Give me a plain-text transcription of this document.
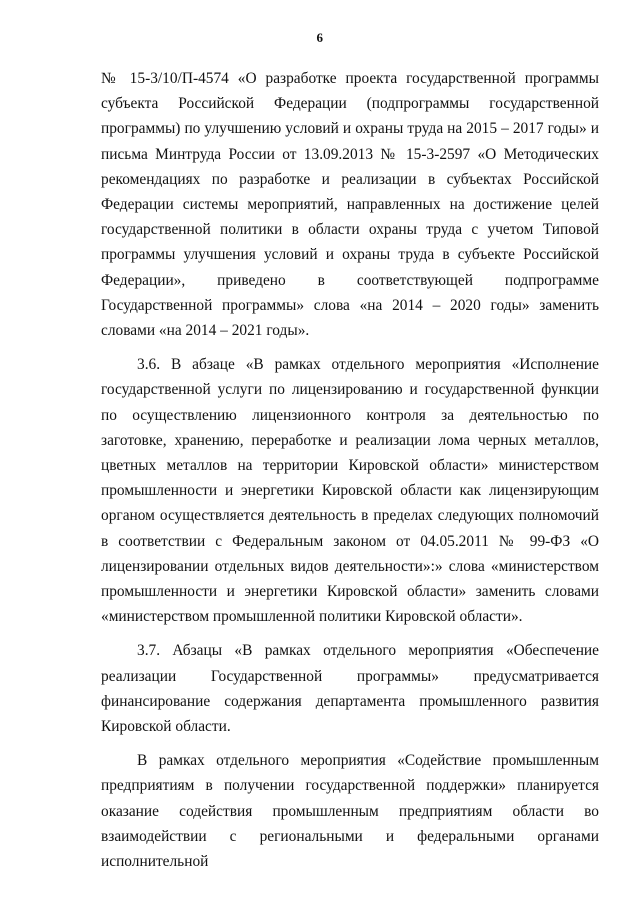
6

№ 15-3/10/П-4574 «О разработке проекта государственной программы субъекта Российской Федерации (подпрограммы государственной программы) по улучшению условий и охраны труда на 2015 – 2017 годы» и письма Минтруда России от 13.09.2013 № 15-3-2597 «О Методических рекомендациях по разработке и реализации в субъектах Российской Федерации системы мероприятий, направленных на достижение целей государственной политики в области охраны труда с учетом Типовой программы улучшения условий и охраны труда в субъекте Российской Федерации», приведено в соответствующей подпрограмме Государственной программы» слова «на 2014 – 2020 годы» заменить словами «на 2014 – 2021 годы».

3.6. В абзаце «В рамках отдельного мероприятия «Исполнение государственной услуги по лицензированию и государственной функции по осуществлению лицензионного контроля за деятельностью по заготовке, хранению, переработке и реализации лома черных металлов, цветных металлов на территории Кировской области» министерством промышленности и энергетики Кировской области как лицензирующим органом осуществляется деятельность в пределах следующих полномочий в соответствии с Федеральным законом от 04.05.2011 № 99-ФЗ «О лицензировании отдельных видов деятельности»:» слова «министерством промышленности и энергетики Кировской области» заменить словами «министерством промышленной политики Кировской области».

3.7. Абзацы «В рамках отдельного мероприятия «Обеспечение реализации Государственной программы» предусматривается финансирование содержания департамента промышленного развития Кировской области.

В рамках отдельного мероприятия «Содействие промышленным предприятиям в получении государственной поддержки» планируется оказание содействия промышленным предприятиям области во взаимодействии с региональными и федеральными органами исполнительной
